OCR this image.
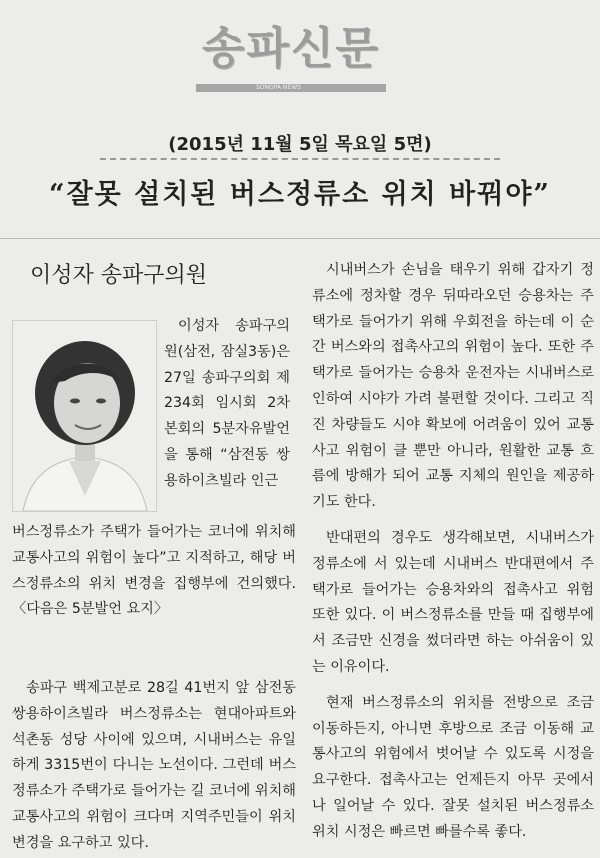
송파신문
SONGPA NEWS
(2015년 11월 5일 목요일 5면)
“잘못 설치된 버스정류소 위치 바꿔야”
이성자 송파구의원

이성자 송파구의원(삼전, 잠실3동)은 27일 송파구의회 제234회 임시회 2차 본회의 5분자유발언을 통해 “삼전동 쌍용하이츠빌라 인근

버스정류소가 주택가 들어가는 코너에 위치해 교통사고의 위험이 높다”고 지적하고, 해당 버스정류소의 위치 변경을 집행부에 건의했다. 〈다음은 5분발언 요지〉

송파구 백제고분로 28길 41번지 앞 삼전동 쌍용하이츠빌라 버스정류소는 현대아파트와 석촌동 성당 사이에 있으며, 시내버스는 유일하게 3315번이 다니는 노선이다. 그런데 버스정류소가 주택가로 들어가는 길 코너에 위치해 교통사고의 위험이 크다며 지역주민들이 위치 변경을 요구하고 있다.

시내버스가 손님을 태우기 위해 갑자기 정류소에 정차할 경우 뒤따라오던 승용차는 주택가로 들어가기 위해 우회전을 하는데 이 순간 버스와의 접촉사고의 위험이 높다. 또한 주택가로 들어가는 승용차 운전자는 시내버스로 인하여 시야가 가려 불편할 것이다. 그리고 직진 차량들도 시야 확보에 어려움이 있어 교통사고 위험이 클 뿐만 아니라, 원활한 교통 흐름에 방해가 되어 교통 지체의 원인을 제공하기도 한다.

반대편의 경우도 생각해보면, 시내버스가 정류소에 서 있는데 시내버스 반대편에서 주택가로 들어가는 승용차와의 접촉사고 위험 또한 있다. 이 버스정류소를 만들 때 집행부에서 조금만 신경을 썼더라면 하는 아쉬움이 있는 이유이다.

현재 버스정류소의 위치를 전방으로 조금 이동하든지, 아니면 후방으로 조금 이동해 교통사고의 위험에서 벗어날 수 있도록 시정을 요구한다. 접촉사고는 언제든지 아무 곳에서나 일어날 수 있다. 잘못 설치된 버스정류소 위치 시정은 빠르면 빠를수록 좋다.
